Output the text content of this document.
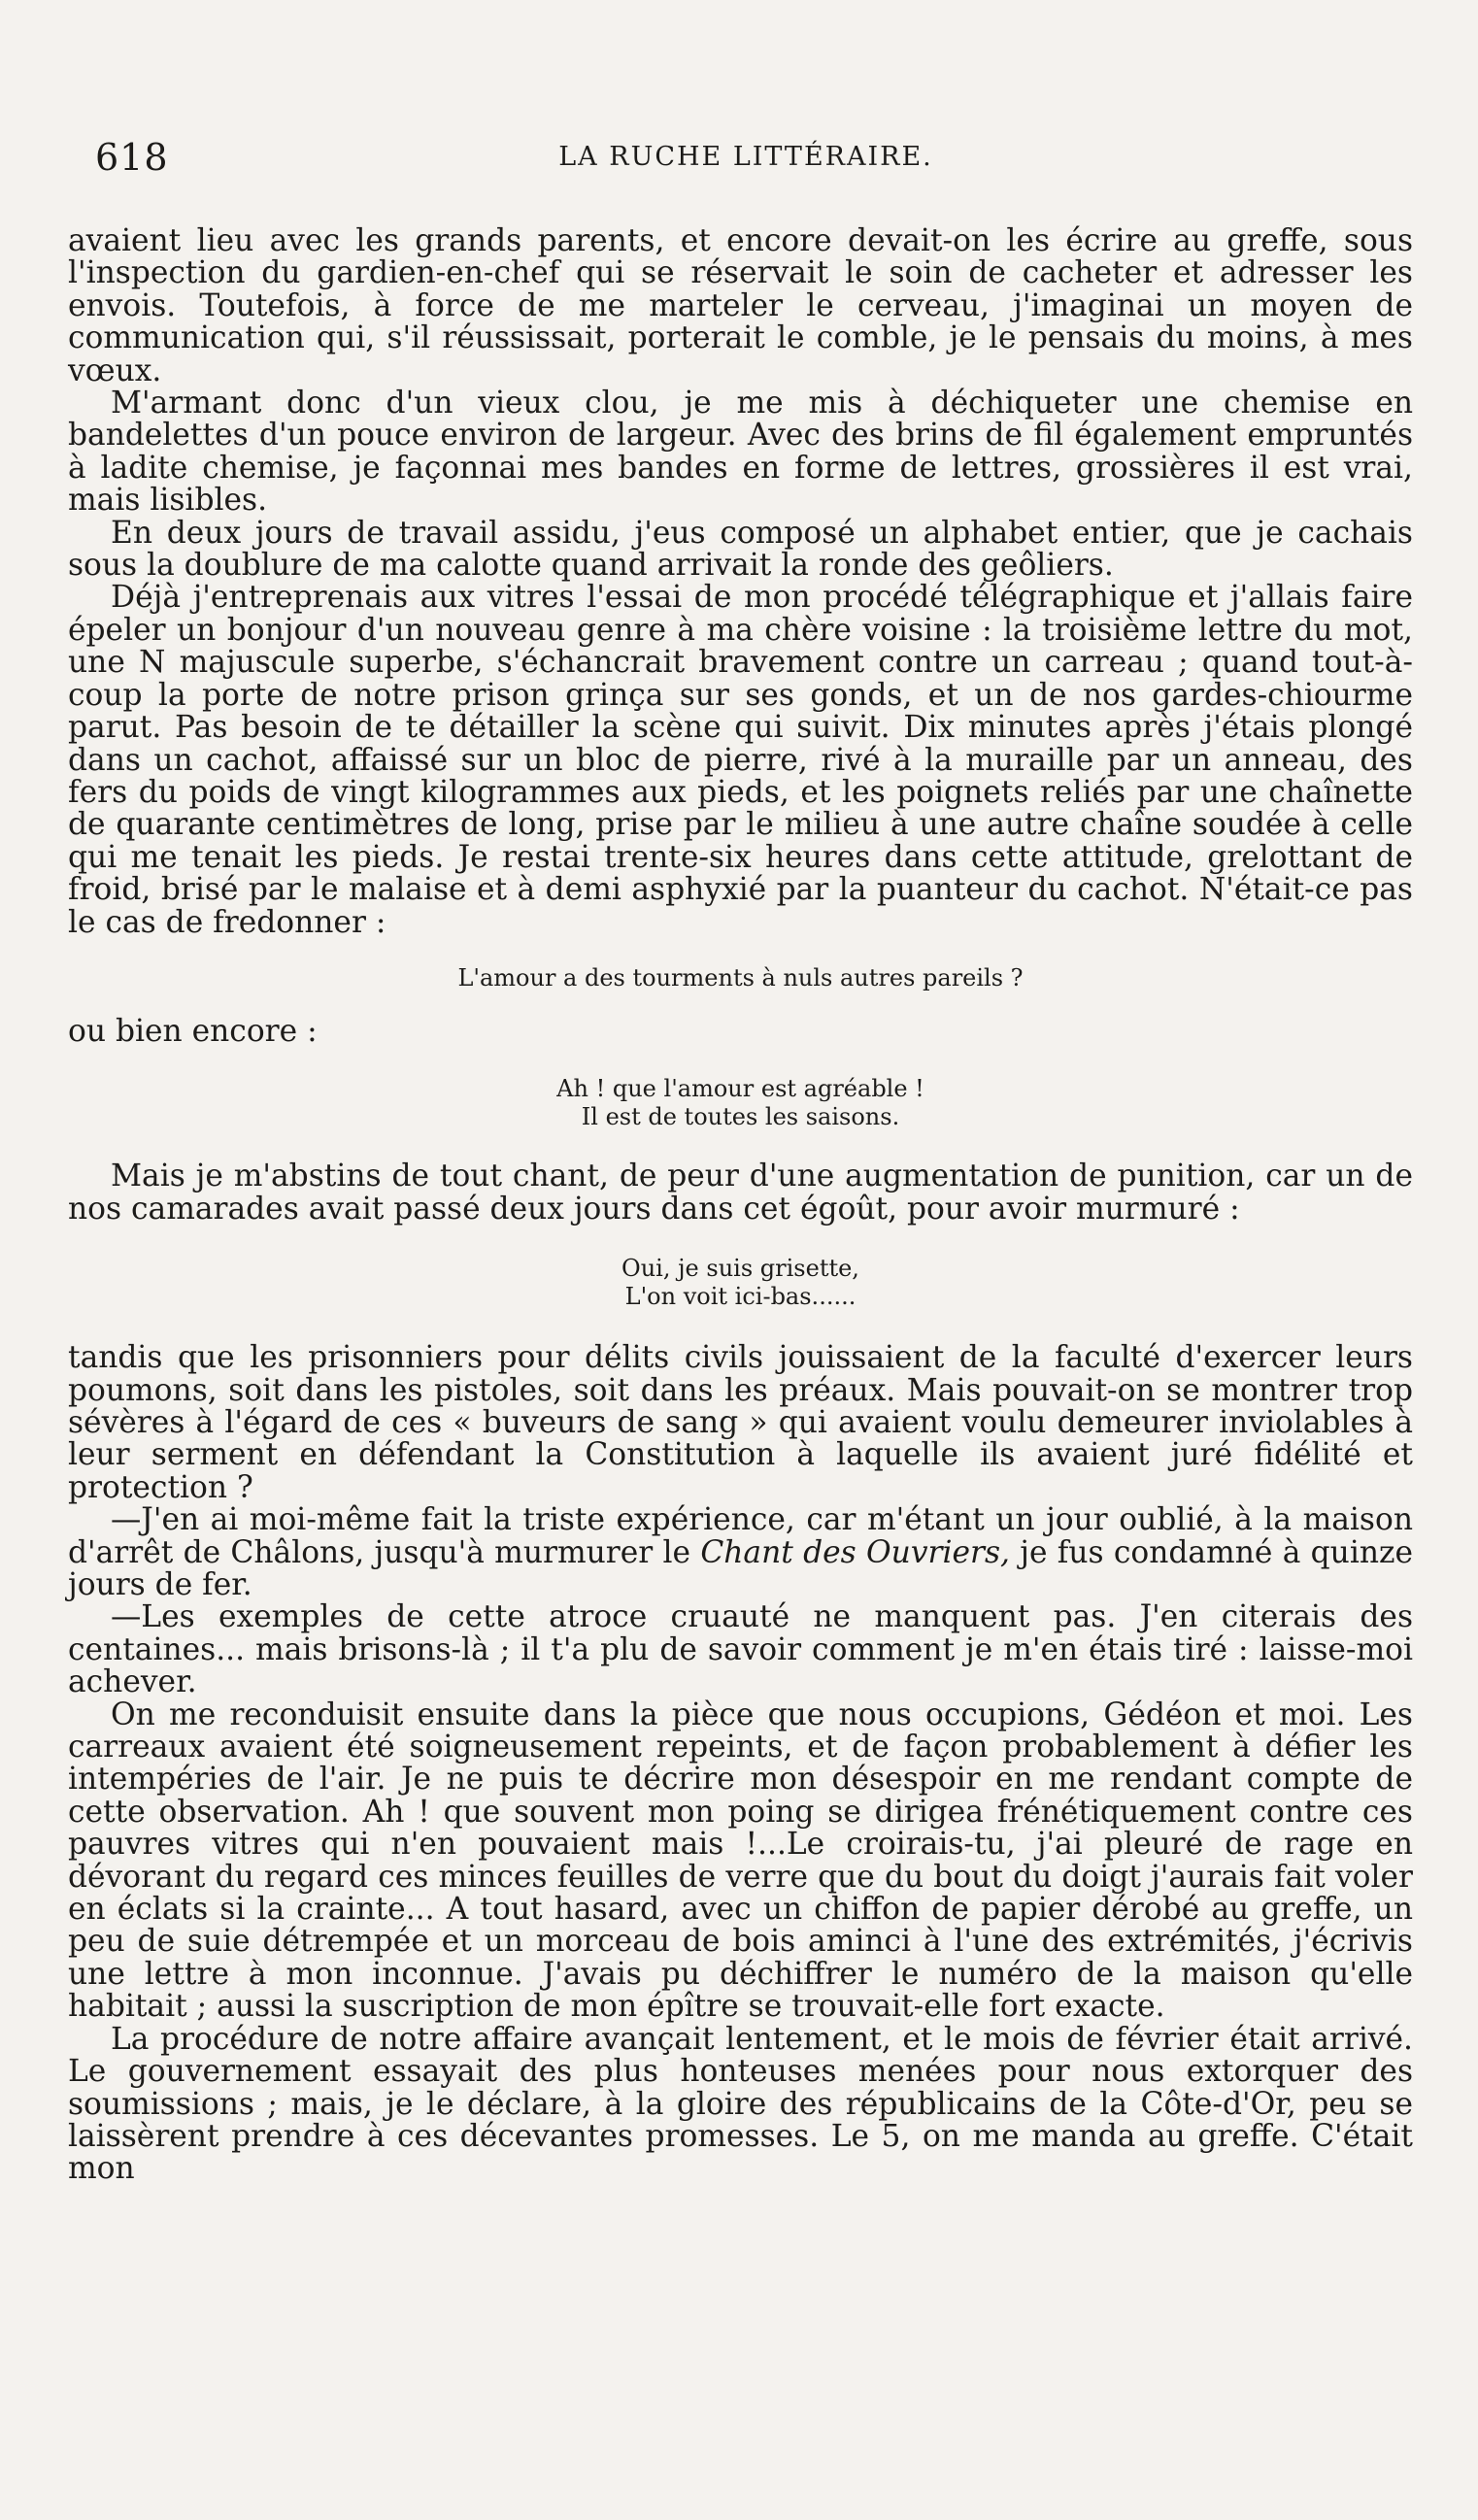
618	LA RUCHE LITTÉRAIRE.

avaient lieu avec les grands parents, et encore devait-on les écrire au greffe, sous l'inspection du gardien-en-chef qui se réservait le soin de cacheter et adresser les envois. Toutefois, à force de me marteler le cerveau, j'imaginai un moyen de communication qui, s'il réussissait, porterait le comble, je le pensais du moins, à mes vœux.

M'armant donc d'un vieux clou, je me mis à déchiqueter une chemise en bandelettes d'un pouce environ de largeur. Avec des brins de fil également empruntés à ladite chemise, je façonnai mes bandes en forme de lettres, grossières il est vrai, mais lisibles.

En deux jours de travail assidu, j'eus composé un alphabet entier, que je cachais sous la doublure de ma calotte quand arrivait la ronde des geôliers.

Déjà j'entreprenais aux vitres l'essai de mon procédé télégraphique et j'allais faire épeler un bonjour d'un nouveau genre à ma chère voisine : la troisième lettre du mot, une N majuscule superbe, s'échancrait bravement contre un carreau ; quand tout-à-coup la porte de notre prison grinça sur ses gonds, et un de nos gardes-chiourme parut. Pas besoin de te détailler la scène qui suivit. Dix minutes après j'étais plongé dans un cachot, affaissé sur un bloc de pierre, rivé à la muraille par un anneau, des fers du poids de vingt kilogrammes aux pieds, et les poignets reliés par une chaînette de quarante centimètres de long, prise par le milieu à une autre chaîne soudée à celle qui me tenait les pieds. Je restai trente-six heures dans cette attitude, grelottant de froid, brisé par le malaise et à demi asphyxié par la puanteur du cachot. N'était-ce pas le cas de fredonner :

L'amour a des tourments à nuls autres pareils ?

ou bien encore :

Ah ! que l'amour est agréable !
Il est de toutes les saisons.

Mais je m'abstins de tout chant, de peur d'une augmentation de punition, car un de nos camarades avait passé deux jours dans cet égoût, pour avoir murmuré :

Oui, je suis grisette,
L'on voit ici-bas......

tandis que les prisonniers pour délits civils jouissaient de la faculté d'exercer leurs poumons, soit dans les pistoles, soit dans les préaux. Mais pouvait-on se montrer trop sévères à l'égard de ces « buveurs de sang » qui avaient voulu demeurer inviolables à leur serment en défendant la Constitution à laquelle ils avaient juré fidélité et protection ?

—J'en ai moi-même fait la triste expérience, car m'étant un jour oublié, à la maison d'arrêt de Châlons, jusqu'à murmurer le Chant des Ouvriers, je fus condamné à quinze jours de fer.

—Les exemples de cette atroce cruauté ne manquent pas. J'en citerais des centaines... mais brisons-là ; il t'a plu de savoir comment je m'en étais tiré : laisse-moi achever.

On me reconduisit ensuite dans la pièce que nous occupions, Gédéon et moi. Les carreaux avaient été soigneusement repeints, et de façon probablement à défier les intempéries de l'air. Je ne puis te décrire mon désespoir en me rendant compte de cette observation. Ah ! que souvent mon poing se dirigea frénétiquement contre ces pauvres vitres qui n'en pouvaient mais !...Le croirais-tu, j'ai pleuré de rage en dévorant du regard ces minces feuilles de verre que du bout du doigt j'aurais fait voler en éclats si la crainte... A tout hasard, avec un chiffon de papier dérobé au greffe, un peu de suie détrempée et un morceau de bois aminci à l'une des extrémités, j'écrivis une lettre à mon inconnue. J'avais pu déchiffrer le numéro de la maison qu'elle habitait ; aussi la suscription de mon épître se trouvait-elle fort exacte.

La procédure de notre affaire avançait lentement, et le mois de février était arrivé. Le gouvernement essayait des plus honteuses menées pour nous extorquer des soumissions ; mais, je le déclare, à la gloire des républicains de la Côte-d'Or, peu se laissèrent prendre à ces décevantes promesses. Le 5, on me manda au greffe. C'était mon
